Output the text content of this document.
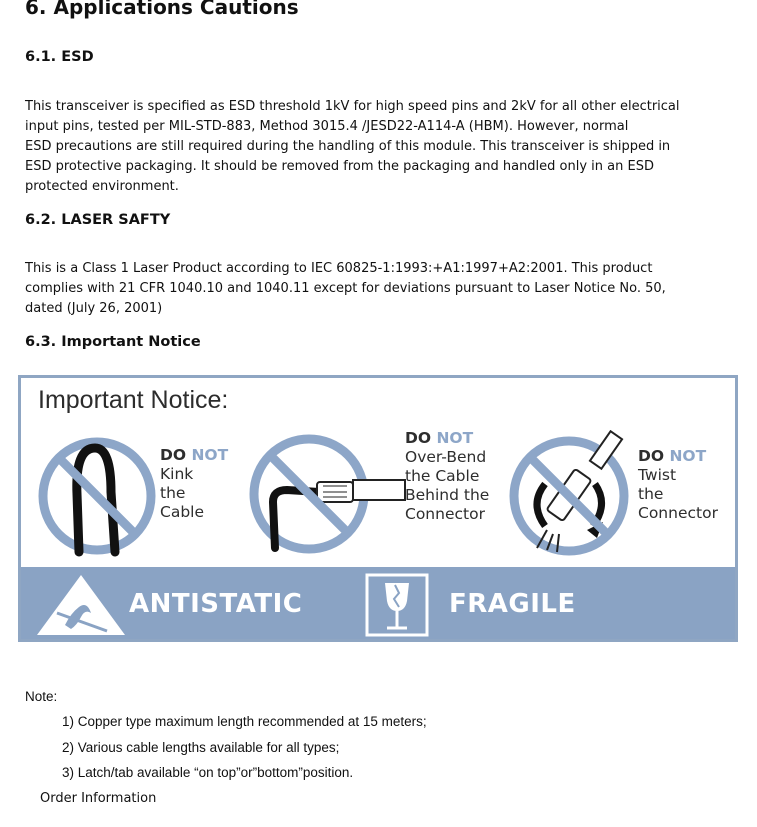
6. Applications Cautions
6.1. ESD
This transceiver is specified as ESD threshold 1kV for high speed pins and 2kV for all other electrical
input pins, tested per MIL-STD-883, Method 3015.4 /JESD22-A114-A (HBM). However, normal
ESD precautions are still required during the handling of this module. This transceiver is shipped in
ESD protective packaging. It should be removed from the packaging and handled only in an ESD
protected environment.
6.2. LASER SAFTY
This is a Class 1 Laser Product according to IEC 60825-1:1993:+A1:1997+A2:2001. This product
complies with 21 CFR 1040.10 and 1040.11 except for deviations pursuant to Laser Notice No. 50,
dated (July 26, 2001)
6.3. Important Notice
Important Notice:
DO NOT
Kink
the
Cable
DO NOT
Over-Bend
the Cable
Behind the
Connector
DO NOT
Twist
the
Connector
ANTISTATIC	FRAGILE
Note:
1) Copper type maximum length recommended at 15 meters;
2) Various cable lengths available for all types;
3) Latch/tab available “on top”or”bottom”position.
Order Information
